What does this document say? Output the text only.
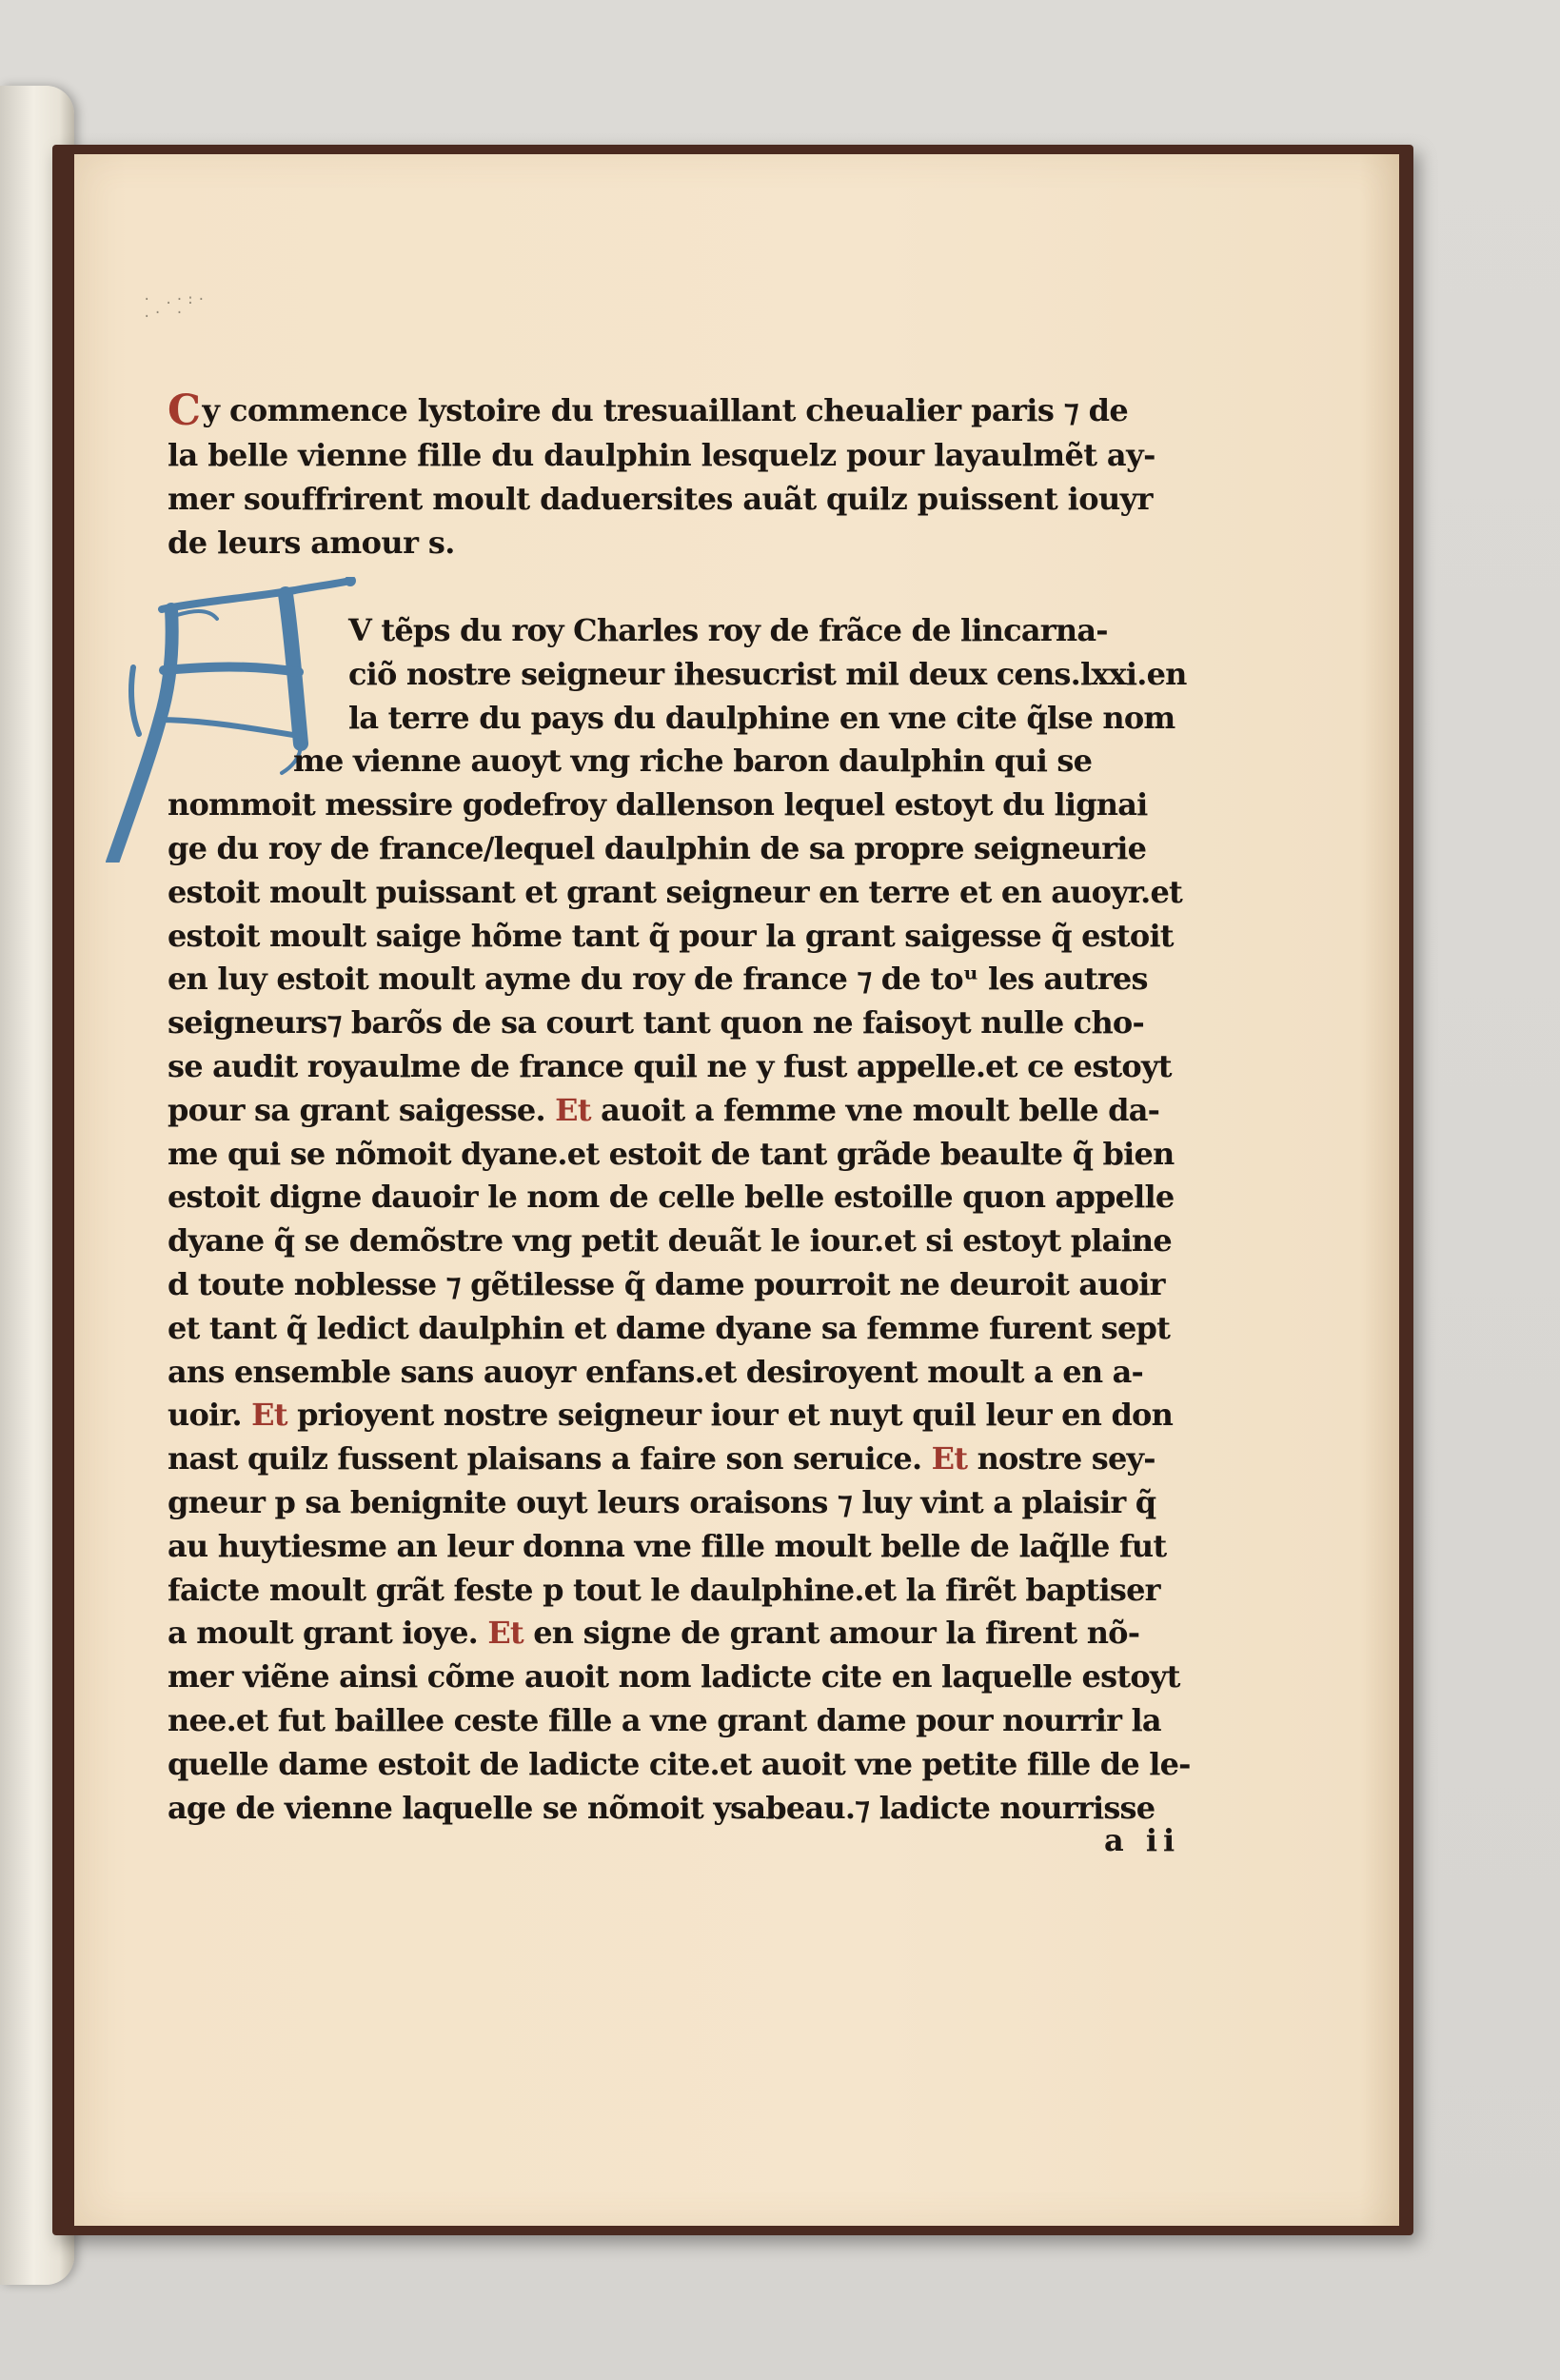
· .·:·
.· ·
Cy commence lystoire du tresuaillant cheualier paris ⁊ de
la belle vienne fille du daulphin lesquelz pour layaulmẽt ay-
mer souffrirent moult daduersites auãt quilz puissent iouyr
de leurs amour s.
V tẽps du roy Charles roy de frãce de lincarna-
ciõ nostre seigneur ihesucrist mil deux cens.lxxi.en
la terre du pays du daulphine en vne cite q̃lse nom
me vienne auoyt vng riche baron daulphin qui se
nommoit messire godefroy dallenson lequel estoyt du lignai
ge du roy de france/lequel daulphin de sa propre seigneurie
estoit moult puissant et grant seigneur en terre et en auoyr.et
estoit moult saige hõme tant q̃ pour la grant saigesse q̃ estoit
en luy estoit moult ayme du roy de france ⁊ de toᵘ les autres
seigneurs⁊ barõs de sa court tant quon ne faisoyt nulle cho-
se audit royaulme de france quil ne y fust appelle.et ce estoyt
pour sa grant saigesse. Et auoit a femme vne moult belle da-
me qui se nõmoit dyane.et estoit de tant grãde beaulte q̃ bien
estoit digne dauoir le nom de celle belle estoille quon appelle
dyane q̃ se demõstre vng petit deuãt le iour.et si estoyt plaine
d toute noblesse ⁊ gẽtilesse q̃ dame pourroit ne deuroit auoir
et tant q̃ ledict daulphin et dame dyane sa femme furent sept
ans ensemble sans auoyr enfans.et desiroyent moult a en a-
uoir. Et prioyent nostre seigneur iour et nuyt quil leur en don
nast quilz fussent plaisans a faire son seruice. Et nostre sey-
gneur p sa benignite ouyt leurs oraisons ⁊ luy vint a plaisir q̃
au huytiesme an leur donna vne fille moult belle de laq̃lle fut
faicte moult grãt feste p tout le daulphine.et la firẽt baptiser
a moult grant ioye. Et en signe de grant amour la firent nõ-
mer viẽne ainsi cõme auoit nom ladicte cite en laquelle estoyt
nee.et fut baillee ceste fille a vne grant dame pour nourrir la
quelle dame estoit de ladicte cite.et auoit vne petite fille de le-
age de vienne laquelle se nõmoit ysabeau.⁊ ladicte nourrisse
a ii
